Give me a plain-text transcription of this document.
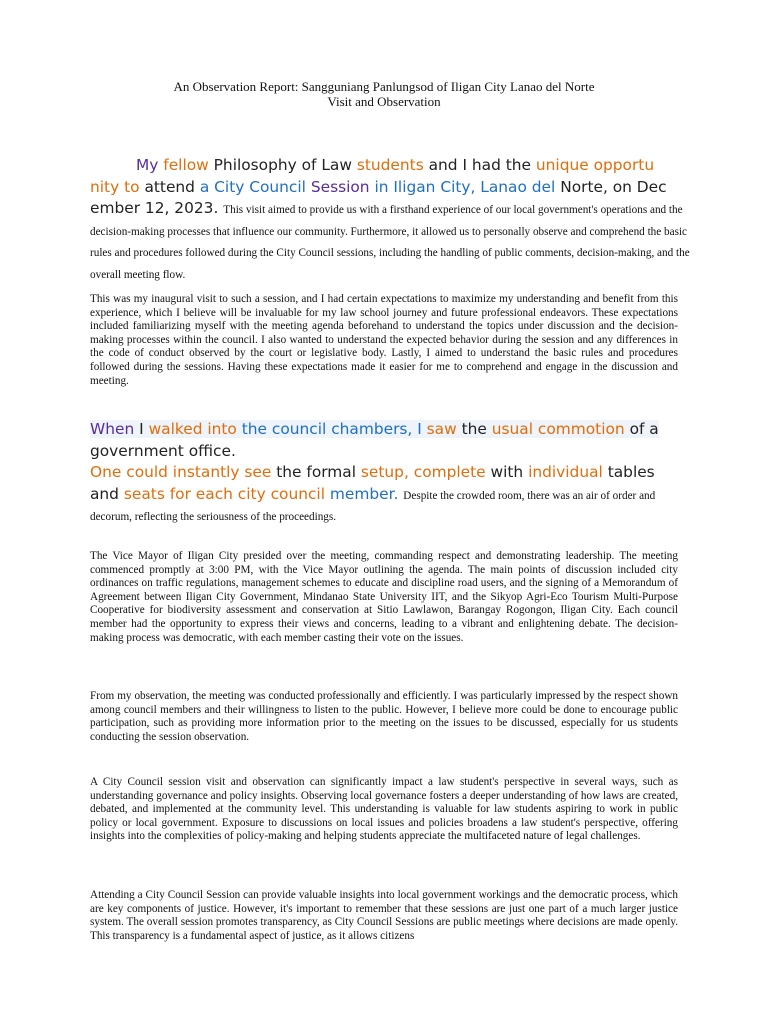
An Observation Report: Sangguniang Panlungsod of Iligan City Lanao del Norte
Visit and Observation
My fellow Philosophy of Law students and I had the unique opportu
nity to attend a City Council Session in Iligan City, Lanao del Norte, on Dec
ember 12, 2023. This visit aimed to provide us with a firsthand experience of our local government's operations and the decision-making processes that influence our community. Furthermore, it allowed us to personally observe and comprehend the basic rules and procedures followed during the City Council sessions, including the handling of public comments, decision-making, and the overall meeting flow.
This was my inaugural visit to such a session, and I had certain expectations to maximize my understanding and benefit from this experience, which I believe will be invaluable for my law school journey and future professional endeavors. These expectations included familiarizing myself with the meeting agenda beforehand to understand the topics under discussion and the decision-making processes within the council. I also wanted to understand the expected behavior during the session and any differences in the code of conduct observed by the court or legislative body. Lastly, I aimed to understand the basic rules and procedures followed during the sessions. Having these expectations made it easier for me to comprehend and engage in the discussion and meeting.
When I walked into the council chambers, I saw the usual commotion of a
government office.
One could instantly see the formal setup, complete with individual tables
and seats for each city council member. Despite the crowded room, there was an air of order and decorum, reflecting the seriousness of the proceedings.
The Vice Mayor of Iligan City presided over the meeting, commanding respect and demonstrating leadership. The meeting commenced promptly at 3:00 PM, with the Vice Mayor outlining the agenda. The main points of discussion included city ordinances on traffic regulations, management schemes to educate and discipline road users, and the signing of a Memorandum of Agreement between Iligan City Government, Mindanao State University IIT, and the Sikyop Agri-Eco Tourism Multi-Purpose Cooperative for biodiversity assessment and conservation at Sitio Lawlawon, Barangay Rogongon, Iligan City. Each council member had the opportunity to express their views and concerns, leading to a vibrant and enlightening debate. The decision-making process was democratic, with each member casting their vote on the issues.
From my observation, the meeting was conducted professionally and efficiently. I was particularly impressed by the respect shown among council members and their willingness to listen to the public. However, I believe more could be done to encourage public participation, such as providing more information prior to the meeting on the issues to be discussed, especially for us students conducting the session observation.
A City Council session visit and observation can significantly impact a law student's perspective in several ways, such as understanding governance and policy insights. Observing local governance fosters a deeper understanding of how laws are created, debated, and implemented at the community level. This understanding is valuable for law students aspiring to work in public policy or local government. Exposure to discussions on local issues and policies broadens a law student's perspective, offering insights into the complexities of policy-making and helping students appreciate the multifaceted nature of legal challenges.
Attending a City Council Session can provide valuable insights into local government workings and the democratic process, which are key components of justice. However, it's important to remember that these sessions are just one part of a much larger justice system. The overall session promotes transparency, as City Council Sessions are public meetings where decisions are made openly. This transparency is a fundamental aspect of justice, as it allows citizens
